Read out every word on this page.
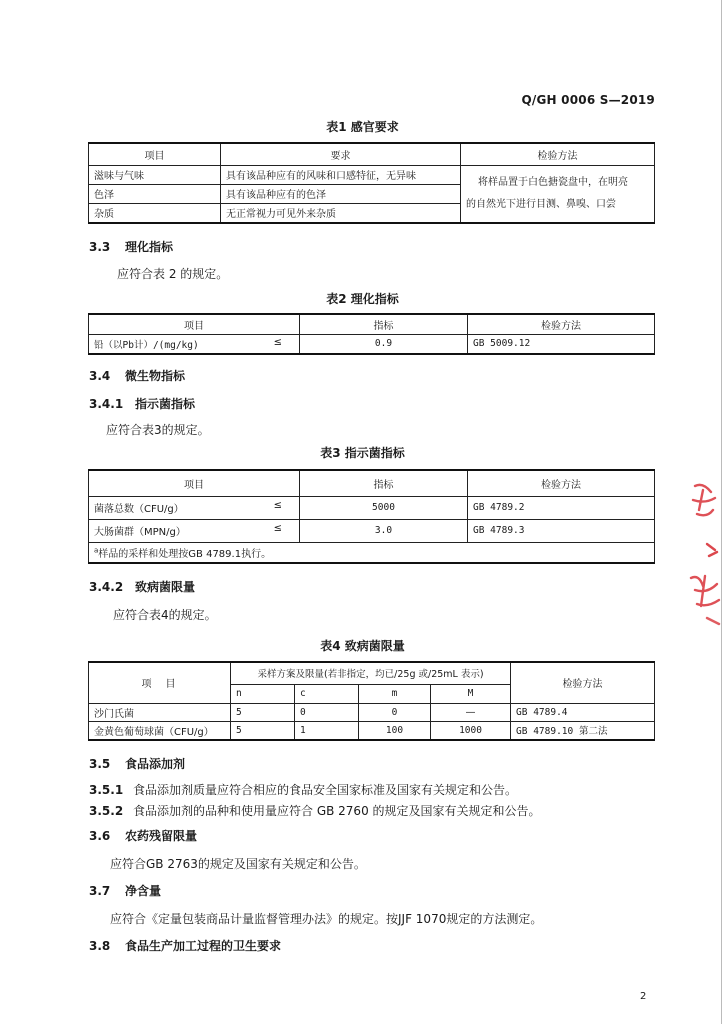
Q/GH 0006 S—2019
表1 感官要求
项目	要求	检验方法
滋味与气味	具有该品种应有的风味和口感特征，无异味	将样品置于白色搪瓷盘中，在明亮
的自然光下进行目测、鼻嗅、口尝

色泽	具有该品种应有的色泽	
杂质	无正常视力可见外来杂质	
3.3 理化指标
应符合表 2 的规定。
表2 理化指标
项目	指标	检验方法
铅（以Pb计）/(mg/kg) ≤	0.9	GB 5009.12
3.4 微生物指标
3.4.1 指示菌指标
应符合表3的规定。
表3 指示菌指标
项目	指标	检验方法
菌落总数（CFU/g） ≤	5000	GB 4789.2
大肠菌群（MPN/g） ≤	3.0	GB 4789.3
$^a$样品的采样和处理按GB 4789.1执行。		
3.4.2 致病菌限量
应符合表4的规定。
表4 致病菌限量
项　目	采样方案及限量(若非指定，均已/25g 或/25mL 表示)				检验方法
	n	c	m	M	
沙门氏菌	5	0	0	—	GB 4789.4
金黄色葡萄球菌（CFU/g）	5	1	100	1000	GB 4789.10 第二法
3.5 食品添加剂
3.5.1 食品添加剂质量应符合相应的食品安全国家标准及国家有关规定和公告。
3.5.2 食品添加剂的品种和使用量应符合 GB 2760 的规定及国家有关规定和公告。
3.6 农药残留限量
应符合GB 2763的规定及国家有关规定和公告。
3.7 净含量
应符合《定量包装商品计量监督管理办法》的规定。按JJF 1070规定的方法测定。
3.8 食品生产加工过程的卫生要求
2
